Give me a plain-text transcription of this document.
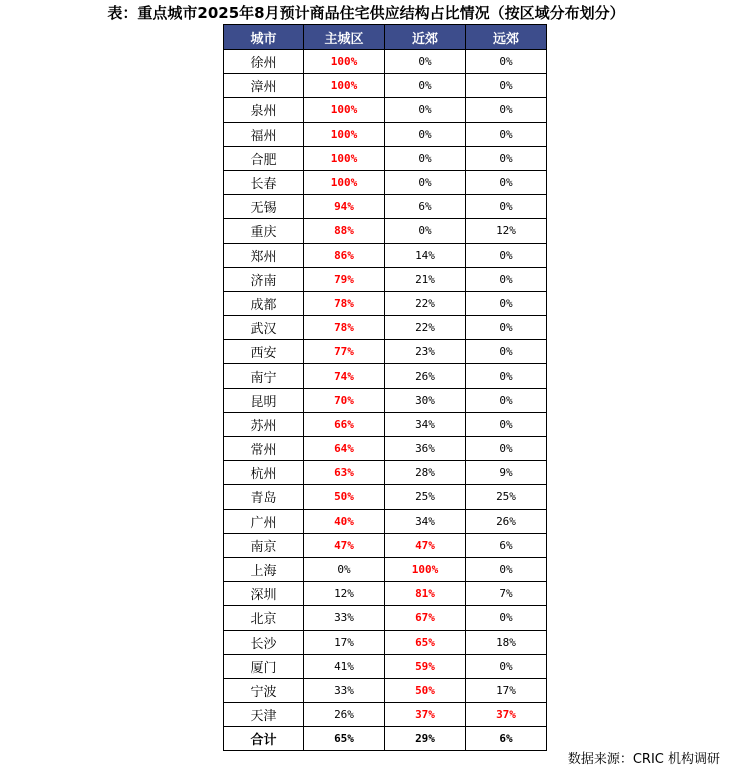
表：重点城市2025年8月预计商品住宅供应结构占比情况（按区域分布划分）
城市	主城区	近郊	远郊
徐州	100%	0%	0%
漳州	100%	0%	0%
泉州	100%	0%	0%
福州	100%	0%	0%
合肥	100%	0%	0%
长春	100%	0%	0%
无锡	94%	6%	0%
重庆	88%	0%	12%
郑州	86%	14%	0%
济南	79%	21%	0%
成都	78%	22%	0%
武汉	78%	22%	0%
西安	77%	23%	0%
南宁	74%	26%	0%
昆明	70%	30%	0%
苏州	66%	34%	0%
常州	64%	36%	0%
杭州	63%	28%	9%
青岛	50%	25%	25%
广州	40%	34%	26%
南京	47%	47%	6%
上海	0%	100%	0%
深圳	12%	81%	7%
北京	33%	67%	0%
长沙	17%	65%	18%
厦门	41%	59%	0%
宁波	33%	50%	17%
天津	26%	37%	37%
合计	65%	29%	6%
数据来源：CRIC 机构调研
